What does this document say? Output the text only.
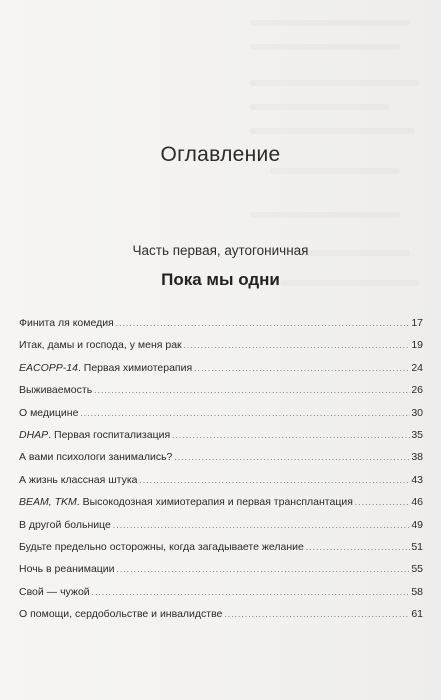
Оглавление
Часть первая, аутогоничная
Пока мы одни
Финита ля комедия .....	17
Итак, дамы и господа, у меня рак .....	19
EACOPP-14. Первая химиотерапия .....	24
Выживаемость .....	26
О медицине .....	30
DHAP. Первая госпитализация .....	35
А вами психологи занимались? .....	38
А жизнь классная штука .....	43
BEAM, TKM. Высокодозная химиотерапия и первая трансплантация .....	46
В другой больнице .....	49
Будьте предельно осторожны, когда загадываете желание .....	51
Ночь в реанимации .....	55
Свой — чужой .....	58
О помощи, сердобольстве и инвалидстве .....	61
